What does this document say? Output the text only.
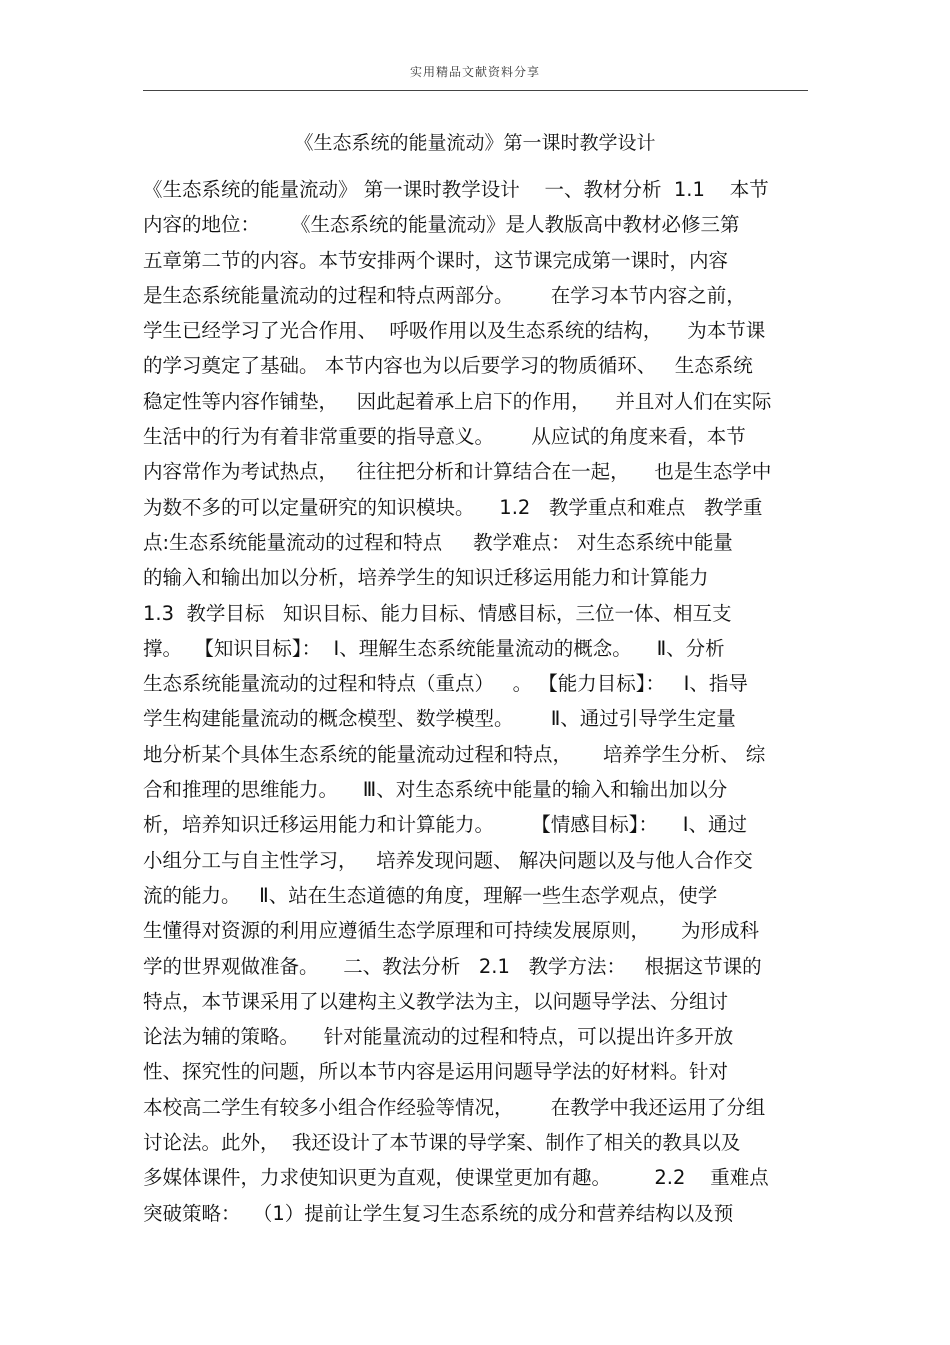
实用精品文献资料分享
《生态系统的能量流动》第一课时教学设计
《生态系统的能量流动》 第一课时教学设计    一、教材分析  1.1    本节
内容的地位：     《生态系统的能量流动》是人教版高中教材必修三第
五章第二节的内容。本节安排两个课时，这节课完成第一课时，内容
是生态系统能量流动的过程和特点两部分。      在学习本节内容之前，
学生已经学习了光合作用、  呼吸作用以及生态系统的结构，    为本节课
的学习奠定了基础。 本节内容也为以后要学习的物质循环、   生态系统
稳定性等内容作铺垫，   因此起着承上启下的作用，    并且对人们在实际
生活中的行为有着非常重要的指导意义。      从应试的角度来看，本节
内容常作为考试热点，   往往把分析和计算结合在一起，    也是生态学中
为数不多的可以定量研究的知识模块。    1.2   教学重点和难点   教学重
点:生态系统能量流动的过程和特点     教学难点： 对生态系统中能量
的输入和输出加以分析，培养学生的知识迁移运用能力和计算能力
1.3  教学目标   知识目标、能力目标、情感目标，三位一体、相互支
撑。  【知识目标】：  Ⅰ、理解生态系统能量流动的概念。    Ⅱ、分析
生态系统能量流动的过程和特点（重点）   。 【能力目标】：   Ⅰ、指导
学生构建能量流动的概念模型、数学模型。      Ⅱ、通过引导学生定量
地分析某个具体生态系统的能量流动过程和特点，     培养学生分析、 综
合和推理的思维能力。    Ⅲ、对生态系统中能量的输入和输出加以分
析，培养知识迁移运用能力和计算能力。      【情感目标】：    Ⅰ、通过
小组分工与自主性学习，   培养发现问题、 解决问题以及与他人合作交
流的能力。   Ⅱ、站在生态道德的角度，理解一些生态学观点，使学
生懂得对资源的利用应遵循生态学原理和可持续发展原则，     为形成科
学的世界观做准备。    二、教法分析   2.1   教学方法：   根据这节课的
特点，本节课采用了以建构主义教学法为主，以问题导学法、分组讨
论法为辅的策略。    针对能量流动的过程和特点，可以提出许多开放
性、探究性的问题，所以本节内容是运用问题导学法的好材料。针对
本校高二学生有较多小组合作经验等情况，      在教学中我还运用了分组
讨论法。此外，  我还设计了本节课的导学案、制作了相关的教具以及
多媒体课件，力求使知识更为直观，使课堂更加有趣。       2.2    重难点
突破策略：  （1）提前让学生复习生态系统的成分和营养结构以及预
